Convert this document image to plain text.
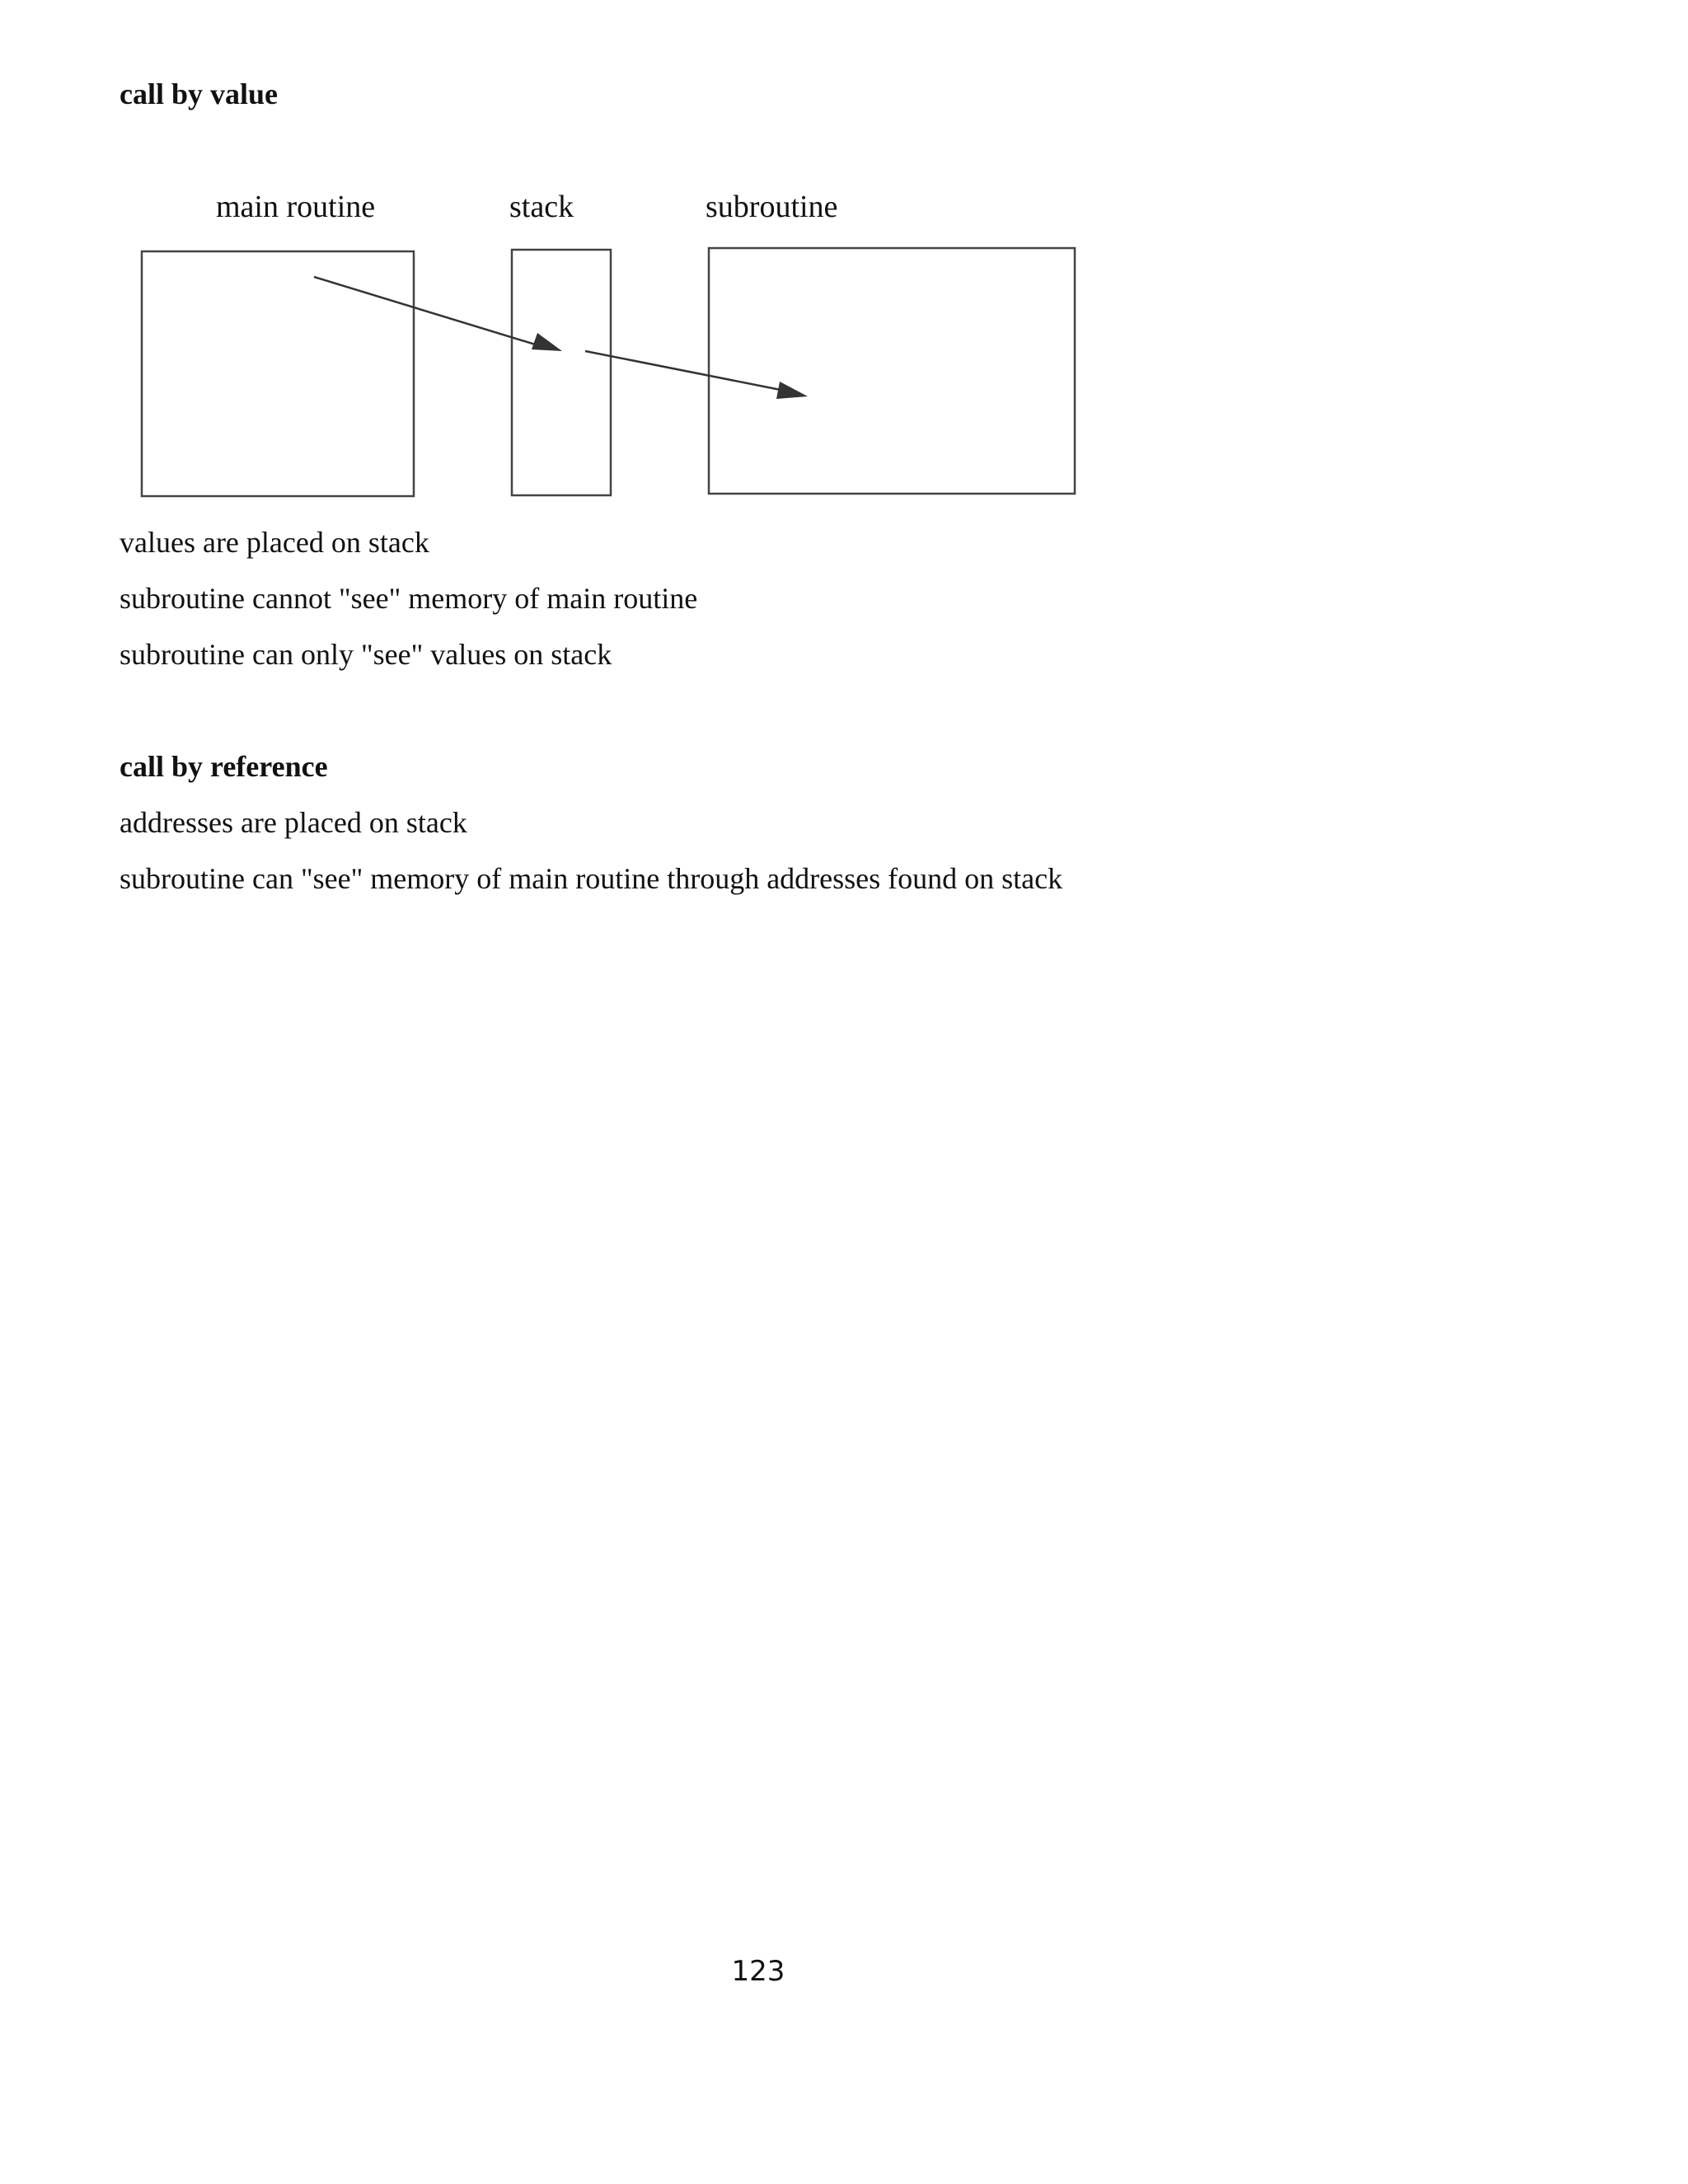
call by value
main routine	stack	subroutine

values are placed on stack

subroutine cannot "see" memory of main routine

subroutine can only "see" values on stack

call by reference

addresses are placed on stack

subroutine can "see" memory of main routine through addresses found on stack

123
